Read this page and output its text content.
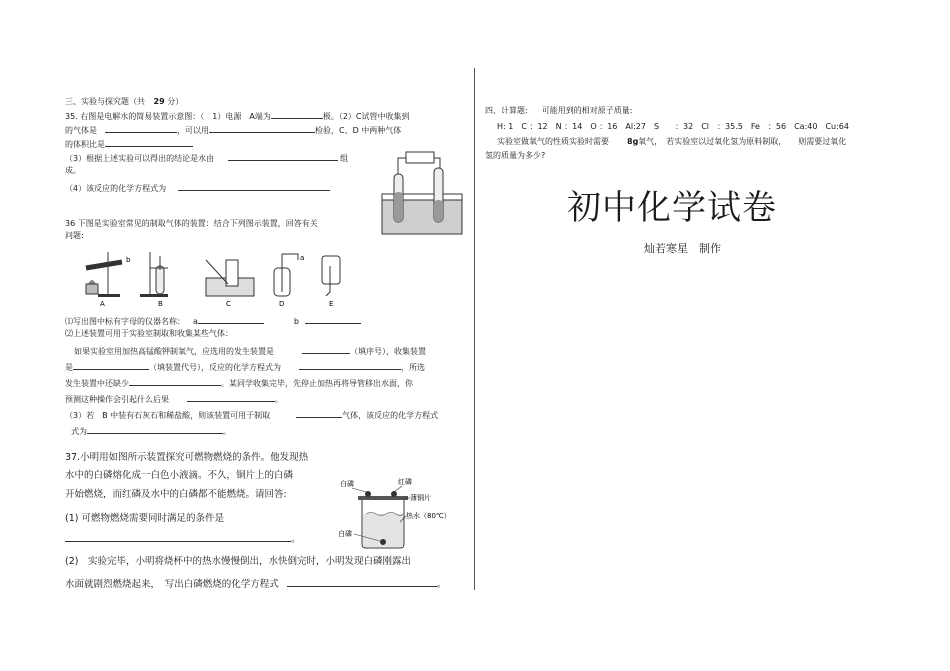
三、实验与探究题（共 29 分）
35. 右图是电解水的简易装置示意图：（　1）电源　A端为	极。（2）C试管中收集到
的气体是	，可以用	检验，C、D 中两种气体
的体积比是
（3）根据上述实验可以得出的结论是水由	组
成。
（4）该反应的化学方程式为
36 下图是实验室常见的制取气体的装置：结合下列图示装置，回答有关
问题:
A	B
b
C	D
a
E
⑴写出图中标有字母的仪器名称： a	b
⑵上述装置可用于实验室制取和收集某些气体：
如果实验室用加热高锰酸钾制氧气，应选用的发生装置是	（填序号），收集装置
是	（填装置代号），反应的化学方程式为	，所选
发生装置中还缺少	。某同学收集完毕，先停止加热再将导管移出水面，你
预测这种操作会引起什么后果	。
（3）若　B 中装有石灰石和稀盐酸，则该装置可用于制取	气体，该反应的化学方程式
式为	。
37.小明用如图所示装置探究可燃物燃烧的条件。他发现热
水中的白磷熔化成一白色小液滴。不久，铜片上的白磷
开始燃烧，而红磷及水中的白磷都不能燃烧。请回答:
(1) 可燃物燃烧需要同时满足的条件是
。
(2)　实验完毕，小明将烧杯中的热水慢慢倒出，水快倒完时，小明发现白磷刚露出
水面就剧烈燃烧起来，　写出白磷燃烧的化学方程式	。
白磷	红磷
薄铜片
热水（80℃）
白磷
四、计算题: 可能用到的相对原子质量:
H: 1　C ：12　N ：14　O ：16　Al:27　S　　：32　Cl　：35.5　Fe　：56　Ca:40　Cu:64
实验室做氧气的性质实验时需要 8g氧气，　若实验室以过氧化氢为原料制取，　　则需要过氧化
氢的质量为多少?
初中化学试卷
灿若寒星　制作
